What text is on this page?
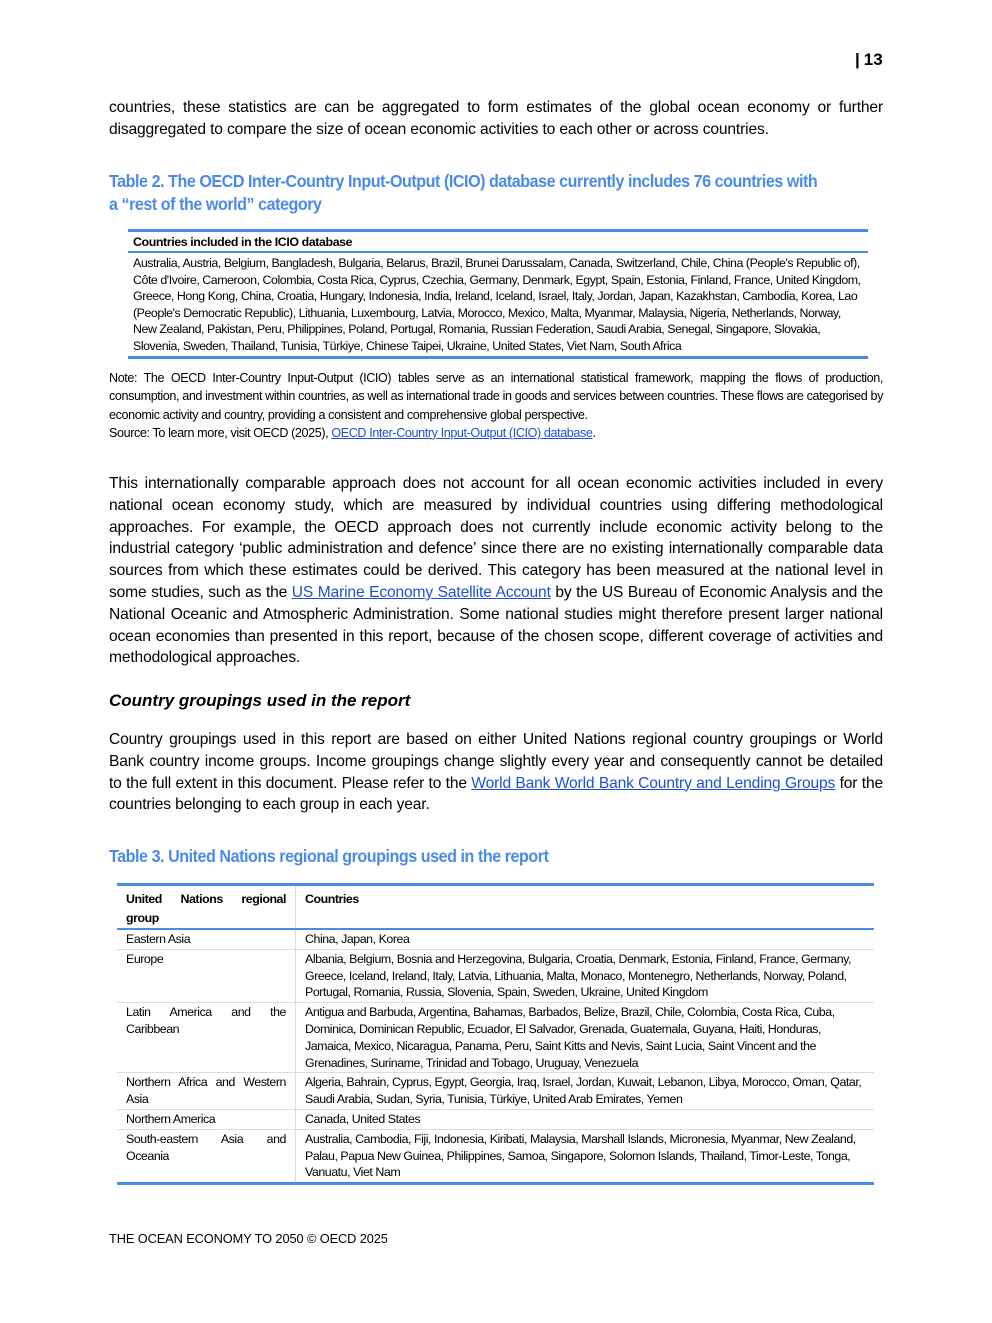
| 13

countries, these statistics are can be aggregated to form estimates of the global ocean economy or further disaggregated to compare the size of ocean economic activities to each other or across countries.

Table 2. The OECD Inter-Country Input-Output (ICIO) database currently includes 76 countries with a “rest of the world” category
Countries included in the ICIO database
Australia, Austria, Belgium, Bangladesh, Bulgaria, Belarus, Brazil, Brunei Darussalam, Canada, Switzerland, Chile, China (People's Republic of), Côte d'Ivoire, Cameroon, Colombia, Costa Rica, Cyprus, Czechia, Germany, Denmark, Egypt, Spain, Estonia, Finland, France, United Kingdom, Greece, Hong Kong, China, Croatia, Hungary, Indonesia, India, Ireland, Iceland, Israel, Italy, Jordan, Japan, Kazakhstan, Cambodia, Korea, Lao (People's Democratic Republic), Lithuania, Luxembourg, Latvia, Morocco, Mexico, Malta, Myanmar, Malaysia, Nigeria, Netherlands, Norway, New Zealand, Pakistan, Peru, Philippines, Poland, Portugal, Romania, Russian Federation, Saudi Arabia, Senegal, Singapore, Slovakia, Slovenia, Sweden, Thailand, Tunisia, Türkiye, Chinese Taipei, Ukraine, United States, Viet Nam, South Africa

Note: The OECD Inter-Country Input-Output (ICIO) tables serve as an international statistical framework, mapping the flows of production, consumption, and investment within countries, as well as international trade in goods and services between countries. These flows are categorised by economic activity and country, providing a consistent and comprehensive global perspective.

Source: To learn more, visit OECD (2025), OECD Inter-Country Input-Output (ICIO) database.

This internationally comparable approach does not account for all ocean economic activities included in every national ocean economy study, which are measured by individual countries using differing methodological approaches. For example, the OECD approach does not currently include economic activity belong to the industrial category ‘public administration and defence’ since there are no existing internationally comparable data sources from which these estimates could be derived. This category has been measured at the national level in some studies, such as the US Marine Economy Satellite Account by the US Bureau of Economic Analysis and the National Oceanic and Atmospheric Administration. Some national studies might therefore present larger national ocean economies than presented in this report, because of the chosen scope, different coverage of activities and methodological approaches.

Country groupings used in the report

Country groupings used in this report are based on either United Nations regional country groupings or World Bank country income groups. Income groupings change slightly every year and consequently cannot be detailed to the full extent in this document. Please refer to the World Bank World Bank Country and Lending Groups for the countries belonging to each group in each year.

Table 3. United Nations regional groupings used in the report
United Nations regional group	Countries
Eastern Asia	China, Japan, Korea
Europe	Albania, Belgium, Bosnia and Herzegovina, Bulgaria, Croatia, Denmark, Estonia, Finland, France, Germany, Greece, Iceland, Ireland, Italy, Latvia, Lithuania, Malta, Monaco, Montenegro, Netherlands, Norway, Poland, Portugal, Romania, Russia, Slovenia, Spain, Sweden, Ukraine, United Kingdom
Latin America and the Caribbean	Antigua and Barbuda, Argentina, Bahamas, Barbados, Belize, Brazil, Chile, Colombia, Costa Rica, Cuba, Dominica, Dominican Republic, Ecuador, El Salvador, Grenada, Guatemala, Guyana, Haiti, Honduras, Jamaica, Mexico, Nicaragua, Panama, Peru, Saint Kitts and Nevis, Saint Lucia, Saint Vincent and the Grenadines, Suriname, Trinidad and Tobago, Uruguay, Venezuela
Northern Africa and Western Asia	Algeria, Bahrain, Cyprus, Egypt, Georgia, Iraq, Israel, Jordan, Kuwait, Lebanon, Libya, Morocco, Oman, Qatar, Saudi Arabia, Sudan, Syria, Tunisia, Türkiye, United Arab Emirates, Yemen
Northern America	Canada, United States
South-eastern Asia and Oceania	Australia, Cambodia, Fiji, Indonesia, Kiribati, Malaysia, Marshall Islands, Micronesia, Myanmar, New Zealand, Palau, Papua New Guinea, Philippines, Samoa, Singapore, Solomon Islands, Thailand, Timor-Leste, Tonga, Vanuatu, Viet Nam
THE OCEAN ECONOMY TO 2050 © OECD 2025
